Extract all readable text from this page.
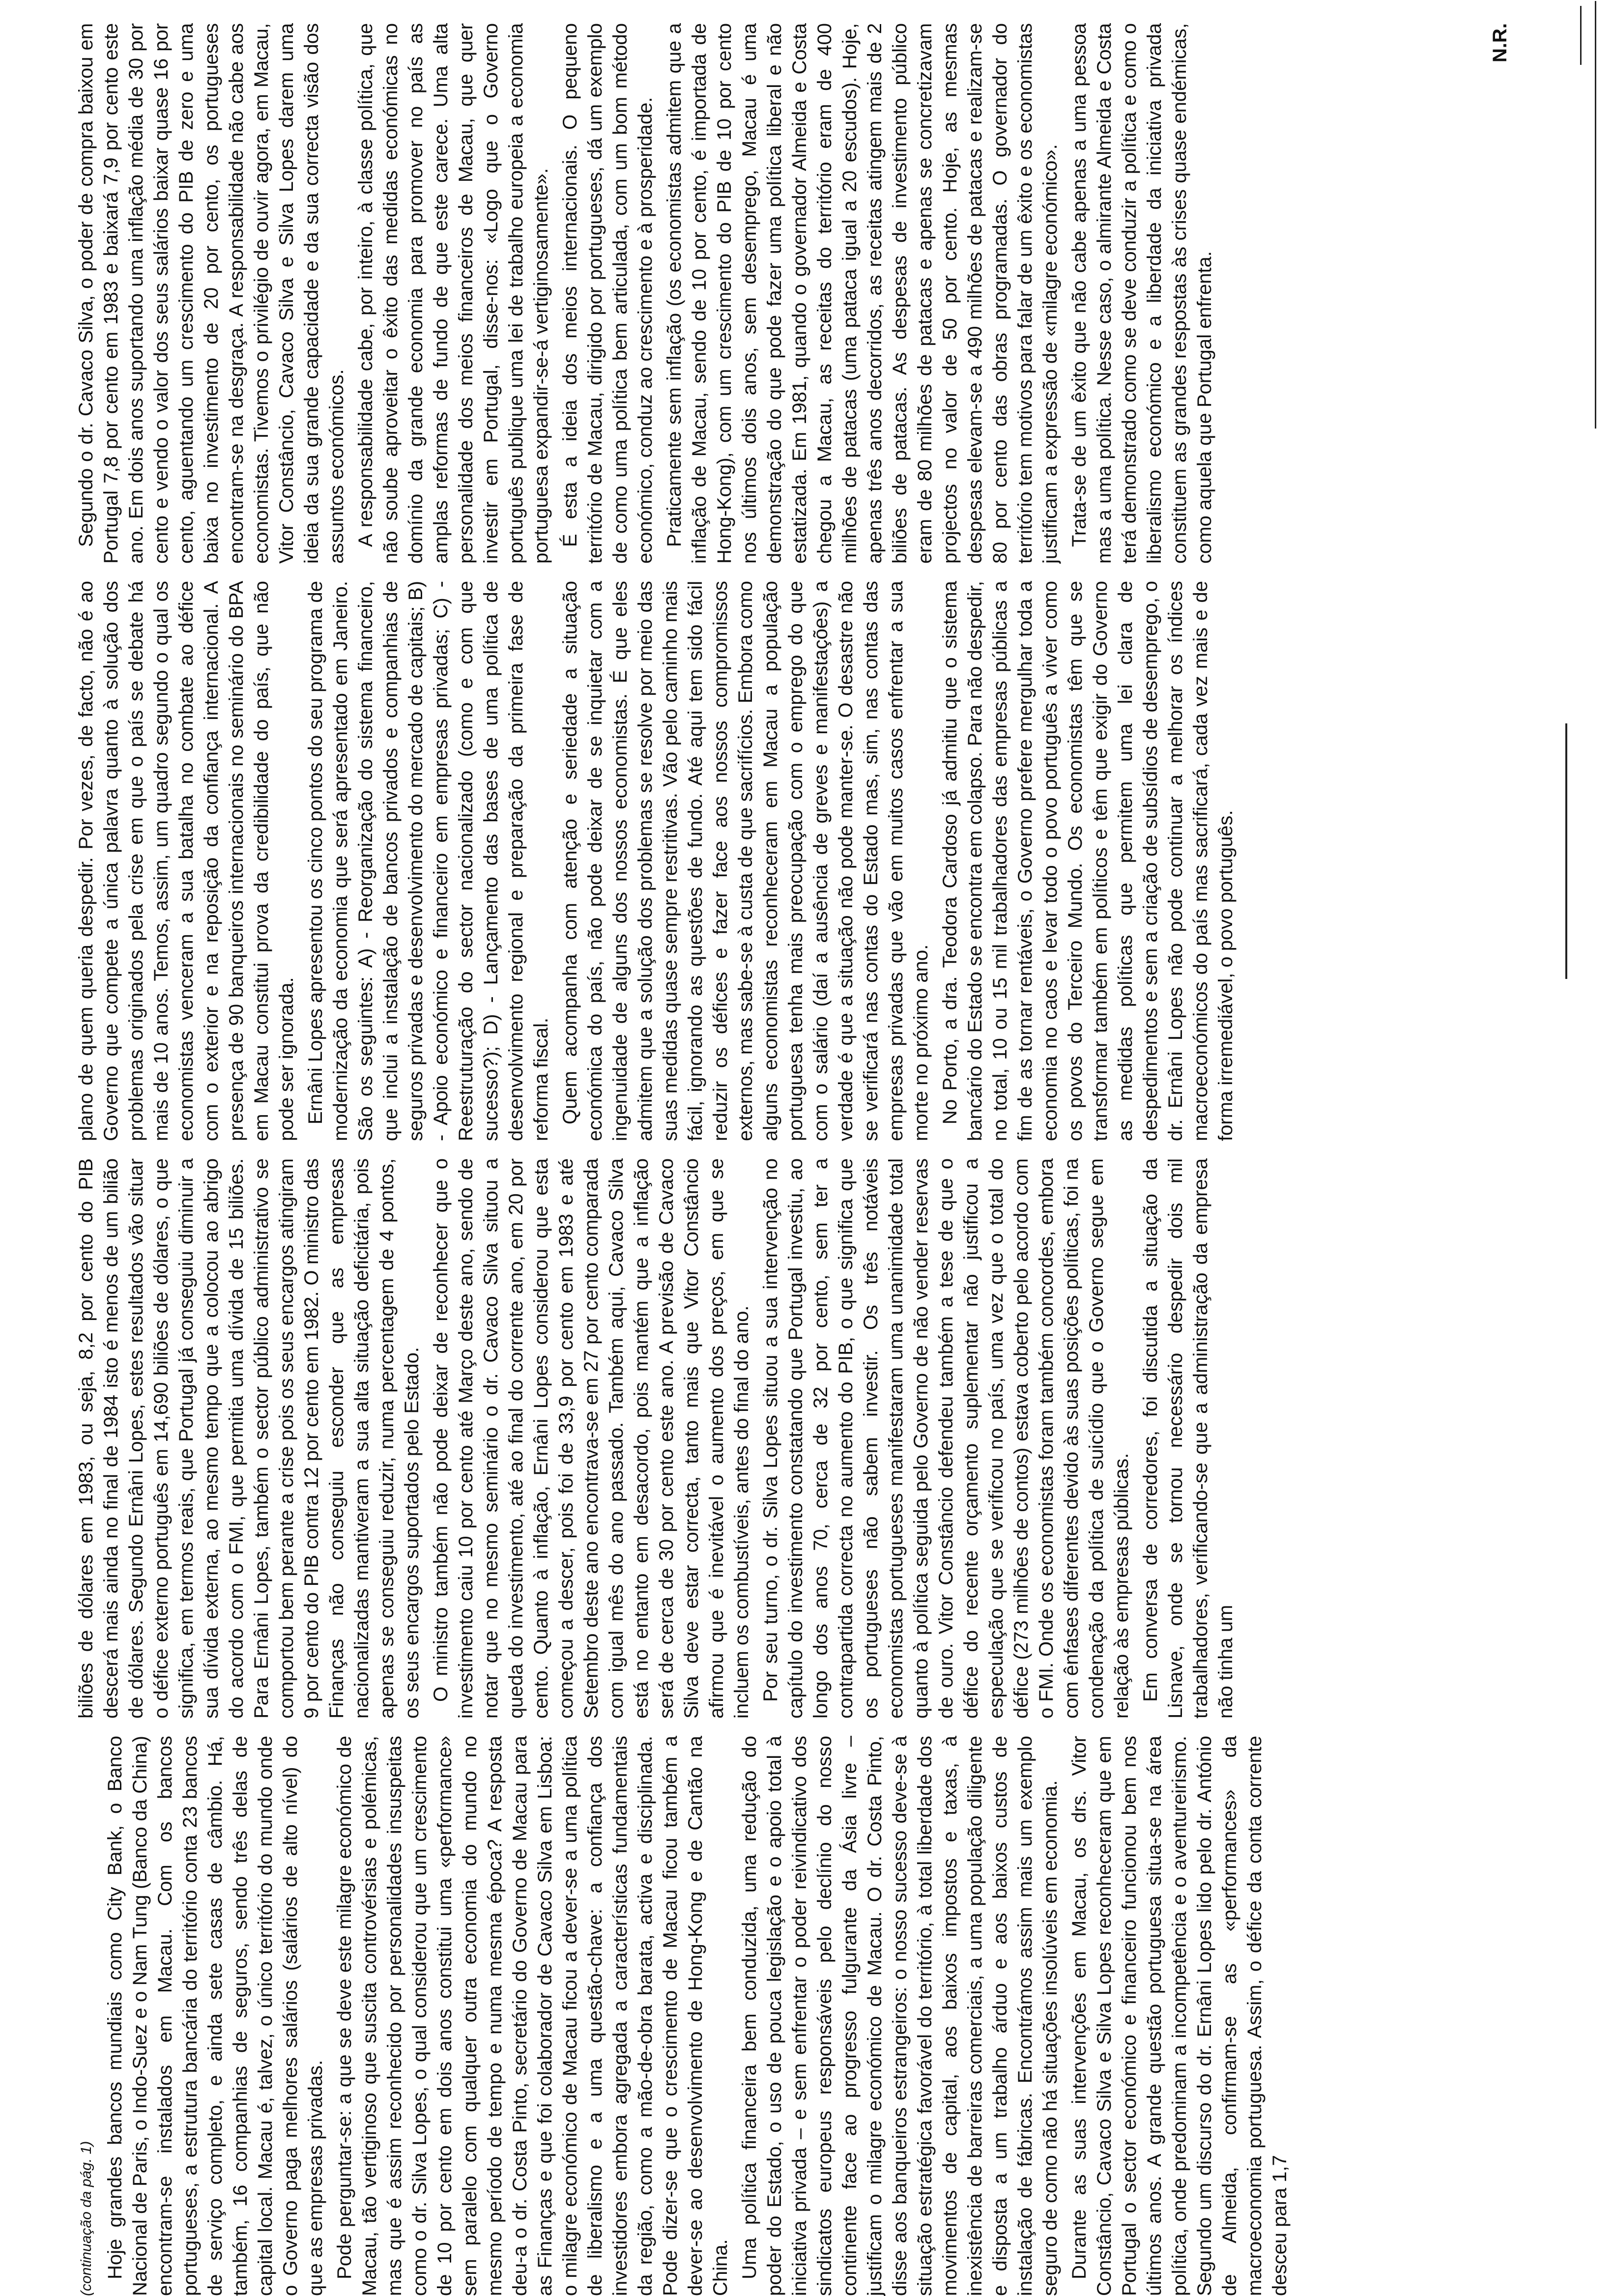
(continuação da pág. 1) Hoje grandes bancos mundiais como City Bank, o Banco Nacional de Paris, o Indo-Suez e o Nam Tung (Banco da China) encontram-se instalados em Macau. Com os bancos portugueses, a estrutura bancária do território conta 23 bancos de serviço completo, e ainda sete casas de câmbio. Há, também, 16 companhias de seguros, sendo três delas de capital local. Macau é, talvez, o único território do mundo onde o Governo paga melhores salários (salários de alto nível) do que as empresas privadas. Pode perguntar-se: a que se deve este milagre económico de Macau, tão vertiginoso que suscita controvérsias e polémicas, mas que é assim reconhecido por personalidades insuspeitas como o dr. Silva Lopes, o qual considerou que um crescimento de 10 por cento em dois anos constitui uma «performance» sem paralelo com qualquer outra economia do mundo no mesmo período de tempo e numa mesma época? A resposta deu-a o dr. Costa Pinto, secretário do Governo de Macau para as Finanças e que foi colaborador de Cavaco Silva em Lisboa: o milagre económico de Macau ficou a dever-se a uma política de liberalismo e a uma questão-chave: a confiança dos investidores embora agregada a características fundamentais da região, como a mão-de-obra barata, activa e disciplinada. Pode dizer-se que o crescimento de Macau ficou também a dever-se ao desenvolvimento de Hong-Kong e de Cantão na China. Uma política financeira bem conduzida, uma redução do poder do Estado, o uso de pouca legislação e o apoio total à iniciativa privada – e sem enfrentar o poder reivindicativo dos sindicatos europeus responsáveis pelo declínio do nosso continente face ao progresso fulgurante da Ásia livre – justificam o milagre económico de Macau. O dr. Costa Pinto, disse aos banqueiros estrangeiros: o nosso sucesso deve-se à situação estratégica favorável do território, à total liberdade dos movimentos de capital, aos baixos impostos e taxas, à inexistência de barreiras comerciais, a uma população diligente e disposta a um trabalho árduo e aos baixos custos de instalação de fábricas. Encontrámos assim mais um exemplo seguro de como não há situações insolúveis em economia. Durante as suas intervenções em Macau, os drs. Vitor Constâncio, Cavaco Silva e Silva Lopes reconheceram que em Portugal o sector económico e financeiro funcionou bem nos últimos anos. A grande questão portuguesa situa-se na área política, onde predominam a incompetência e o aventureirismo. Segundo um discurso do dr. Ernâni Lopes lido pelo dr. António de Almeida, confirmam-se as «performances» da macroeconomia portuguesa. Assim, o défice da conta corrente desceu para 1,7

biliões de dólares em 1983, ou seja, 8,2 por cento do PIB descerá mais ainda no final de 1984 isto é menos de um bilião de dólares. Segundo Ernâni Lopes, estes resultados vão situar o défice externo português em 14,690 biliões de dólares, o que significa, em termos reais, que Portugal já conseguiu diminuir a sua dívida externa, ao mesmo tempo que a colocou ao abrigo do acordo com o FMI, que permitia uma dívida de 15 biliões. Para Ernâni Lopes, também o sector público administrativo se comportou bem perante a crise pois os seus encargos atingiram 9 por cento do PIB contra 12 por cento em 1982. O ministro das Finanças não conseguiu esconder que as empresas nacionalizadas mantiveram a sua alta situação deficitária, pois apenas se conseguiu reduzir, numa percentagem de 4 pontos, os seus encargos suportados pelo Estado. O ministro também não pode deixar de reconhecer que o investimento caiu 10 por cento até Março deste ano, sendo de notar que no mesmo seminário o dr. Cavaco Silva situou a queda do investimento, até ao final do corrente ano, em 20 por cento. Quanto à inflação, Ernâni Lopes considerou que esta começou a descer, pois foi de 33,9 por cento em 1983 e até Setembro deste ano encontrava-se em 27 por cento comparada com igual mês do ano passado. Também aqui, Cavaco Silva está no entanto em desacordo, pois mantém que a inflação será de cerca de 30 por cento este ano. A previsão de Cavaco Silva deve estar correcta, tanto mais que Vitor Constâncio afirmou que é inevitável o aumento dos preços, em que se incluem os combustíveis, antes do final do ano. Por seu turno, o dr. Silva Lopes situou a sua intervenção no capítulo do investimento constatando que Portugal investiu, ao longo dos anos 70, cerca de 32 por cento, sem ter a contrapartida correcta no aumento do PIB, o que significa que os portugueses não sabem investir. Os três notáveis economistas portugueses manifestaram uma unanimidade total quanto à política seguida pelo Governo de não vender reservas de ouro. Vitor Constâncio defendeu também a tese de que o défice do recente orçamento suplementar não justificou a especulação que se verificou no país, uma vez que o total do défice (273 milhões de contos) estava coberto pelo acordo com o FMI. Onde os economistas foram também concordes, embora com ênfases diferentes devido às suas posições políticas, foi na condenação da política de suicídio que o Governo segue em relação às empresas públicas. Em conversa de corredores, foi discutida a situação da Lisnave, onde se tornou necessário despedir dois mil trabalhadores, verificando-se que a administração da empresa não tinha um

plano de quem queria despedir. Por vezes, de facto, não é ao Governo que compete a única palavra quanto à solução dos problemas originados pela crise em que o país se debate há mais de 10 anos. Temos, assim, um quadro segundo o qual os economistas venceram a sua batalha no combate ao défice com o exterior e na reposição da confiança internacional. A presença de 90 banqueiros internacionais no seminário do BPA em Macau constitui prova da credibilidade do país, que não pode ser ignorada. Ernâni Lopes apresentou os cinco pontos do seu programa de modernização da economia que será apresentado em Janeiro. São os seguintes: A) - Reorganização do sistema financeiro, que inclui a instalação de bancos privados e companhias de seguros privadas e desenvolvimento do mercado de capitais; B) - Apoio económico e financeiro em empresas privadas; C) - Reestruturação do sector nacionalizado (como e com que sucesso?); D) - Lançamento das bases de uma política de desenvolvimento regional e preparação da primeira fase de reforma fiscal. Quem acompanha com atenção e seriedade a situação económica do país, não pode deixar de se inquietar com a ingenuidade de alguns dos nossos economistas. É que eles admitem que a solução dos problemas se resolve por meio das suas medidas quase sempre restritivas. Vão pelo caminho mais fácil, ignorando as questões de fundo. Até aqui tem sido fácil reduzir os défices e fazer face aos nossos compromissos externos, mas sabe-se à custa de que sacrifícios. Embora como alguns economistas reconheceram em Macau a população portuguesa tenha mais preocupação com o emprego do que com o salário (daí a ausência de greves e manifestações) a verdade é que a situação não pode manter-se. O desastre não se verificará nas contas do Estado mas, sim, nas contas das empresas privadas que vão em muitos casos enfrentar a sua morte no próximo ano. No Porto, a dra. Teodora Cardoso já admitiu que o sistema bancário do Estado se encontra em colapso. Para não despedir, no total, 10 ou 15 mil trabalhadores das empresas públicas a fim de as tornar rentáveis, o Governo prefere mergulhar toda a economia no caos e levar todo o povo português a viver como os povos do Terceiro Mundo. Os economistas têm que se transformar também em políticos e têm que exigir do Governo as medidas políticas que permitem uma lei clara de despedimentos e sem a criação de subsídios de desemprego, o dr. Ernâni Lopes não pode continuar a melhorar os índices macroeconómicos do país mas sacrificará, cada vez mais e de forma irremediável, o povo português.

Segundo o dr. Cavaco Silva, o poder de compra baixou em Portugal 7,8 por cento em 1983 e baixará 7,9 por cento este ano. Em dois anos suportando uma inflação média de 30 por cento e vendo o valor dos seus salários baixar quase 16 por cento, aguentando um crescimento do PIB de zero e uma baixa no investimento de 20 por cento, os portugueses encontram-se na desgraça. A responsabilidade não cabe aos economistas. Tivemos o privilégio de ouvir agora, em Macau, Vitor Constâncio, Cavaco Silva e Silva Lopes darem uma ideia da sua grande capacidade e da sua correcta visão dos assuntos económicos. A responsabilidade cabe, por inteiro, à classe política, que não soube aproveitar o êxito das medidas económicas no domínio da grande economia para promover no país as amplas reformas de fundo de que este carece. Uma alta personalidade dos meios financeiros de Macau, que quer investir em Portugal, disse-nos: «Logo que o Governo português publique uma lei de trabalho europeia a economia portuguesa expandir-se-á vertiginosamente». É esta a ideia dos meios internacionais. O pequeno território de Macau, dirigido por portugueses, dá um exemplo de como uma política bem articulada, com um bom método económico, conduz ao crescimento e à prosperidade. Praticamente sem inflação (os economistas admitem que a inflação de Macau, sendo de 10 por cento, é importada de Hong-Kong), com um crescimento do PIB de 10 por cento nos últimos dois anos, sem desemprego, Macau é uma demonstração do que pode fazer uma política liberal e não estatizada. Em 1981, quando o governador Almeida e Costa chegou a Macau, as receitas do território eram de 400 milhões de patacas (uma pataca igual a 20 escudos). Hoje, apenas três anos decorridos, as receitas atingem mais de 2 biliões de patacas. As despesas de investimento público eram de 80 milhões de patacas e apenas se concretizavam projectos no valor de 50 por cento. Hoje, as mesmas despesas elevam-se a 490 milhões de patacas e realizam-se 80 por cento das obras programadas. O governador do território tem motivos para falar de um êxito e os economistas justificam a expressão de «milagre económico». Trata-se de um êxito que não cabe apenas a uma pessoa mas a uma política. Nesse caso, o almirante Almeida e Costa terá demonstrado como se deve conduzir a política e como o liberalismo económico e a liberdade da iniciativa privada constituem as grandes respostas às crises quase endémicas, como aquela que Portugal enfrenta.

N.R.
